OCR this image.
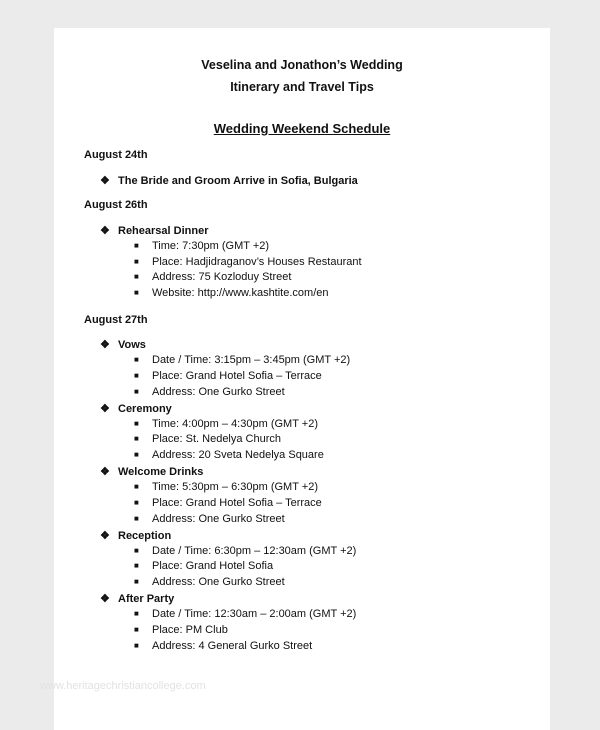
Veselina and Jonathon’s Wedding
Itinerary and Travel Tips
Wedding Weekend Schedule
August 24th
❖ The Bride and Groom Arrive in Sofia, Bulgaria
August 26th
❖ Rehearsal Dinner
■ Time: 7:30pm (GMT +2)
■ Place: Hadjidraganov’s Houses Restaurant
■ Address: 75 Kozloduy Street
■ Website: http://www.kashtite.com/en
August 27th
❖ Vows
■ Date / Time: 3:15pm – 3:45pm (GMT +2)
■ Place: Grand Hotel Sofia – Terrace
■ Address: One Gurko Street
❖ Ceremony
■ Time: 4:00pm – 4:30pm (GMT +2)
■ Place: St. Nedelya Church
■ Address: 20 Sveta Nedelya Square
❖ Welcome Drinks
■ Time: 5:30pm – 6:30pm (GMT +2)
■ Place: Grand Hotel Sofia – Terrace
■ Address: One Gurko Street
❖ Reception
■ Date / Time: 6:30pm – 12:30am (GMT +2)
■ Place: Grand Hotel Sofia
■ Address: One Gurko Street
❖ After Party
■ Date / Time: 12:30am – 2:00am (GMT +2)
■ Place: PM Club
■ Address: 4 General Gurko Street
www.heritagechristiancollege.com
